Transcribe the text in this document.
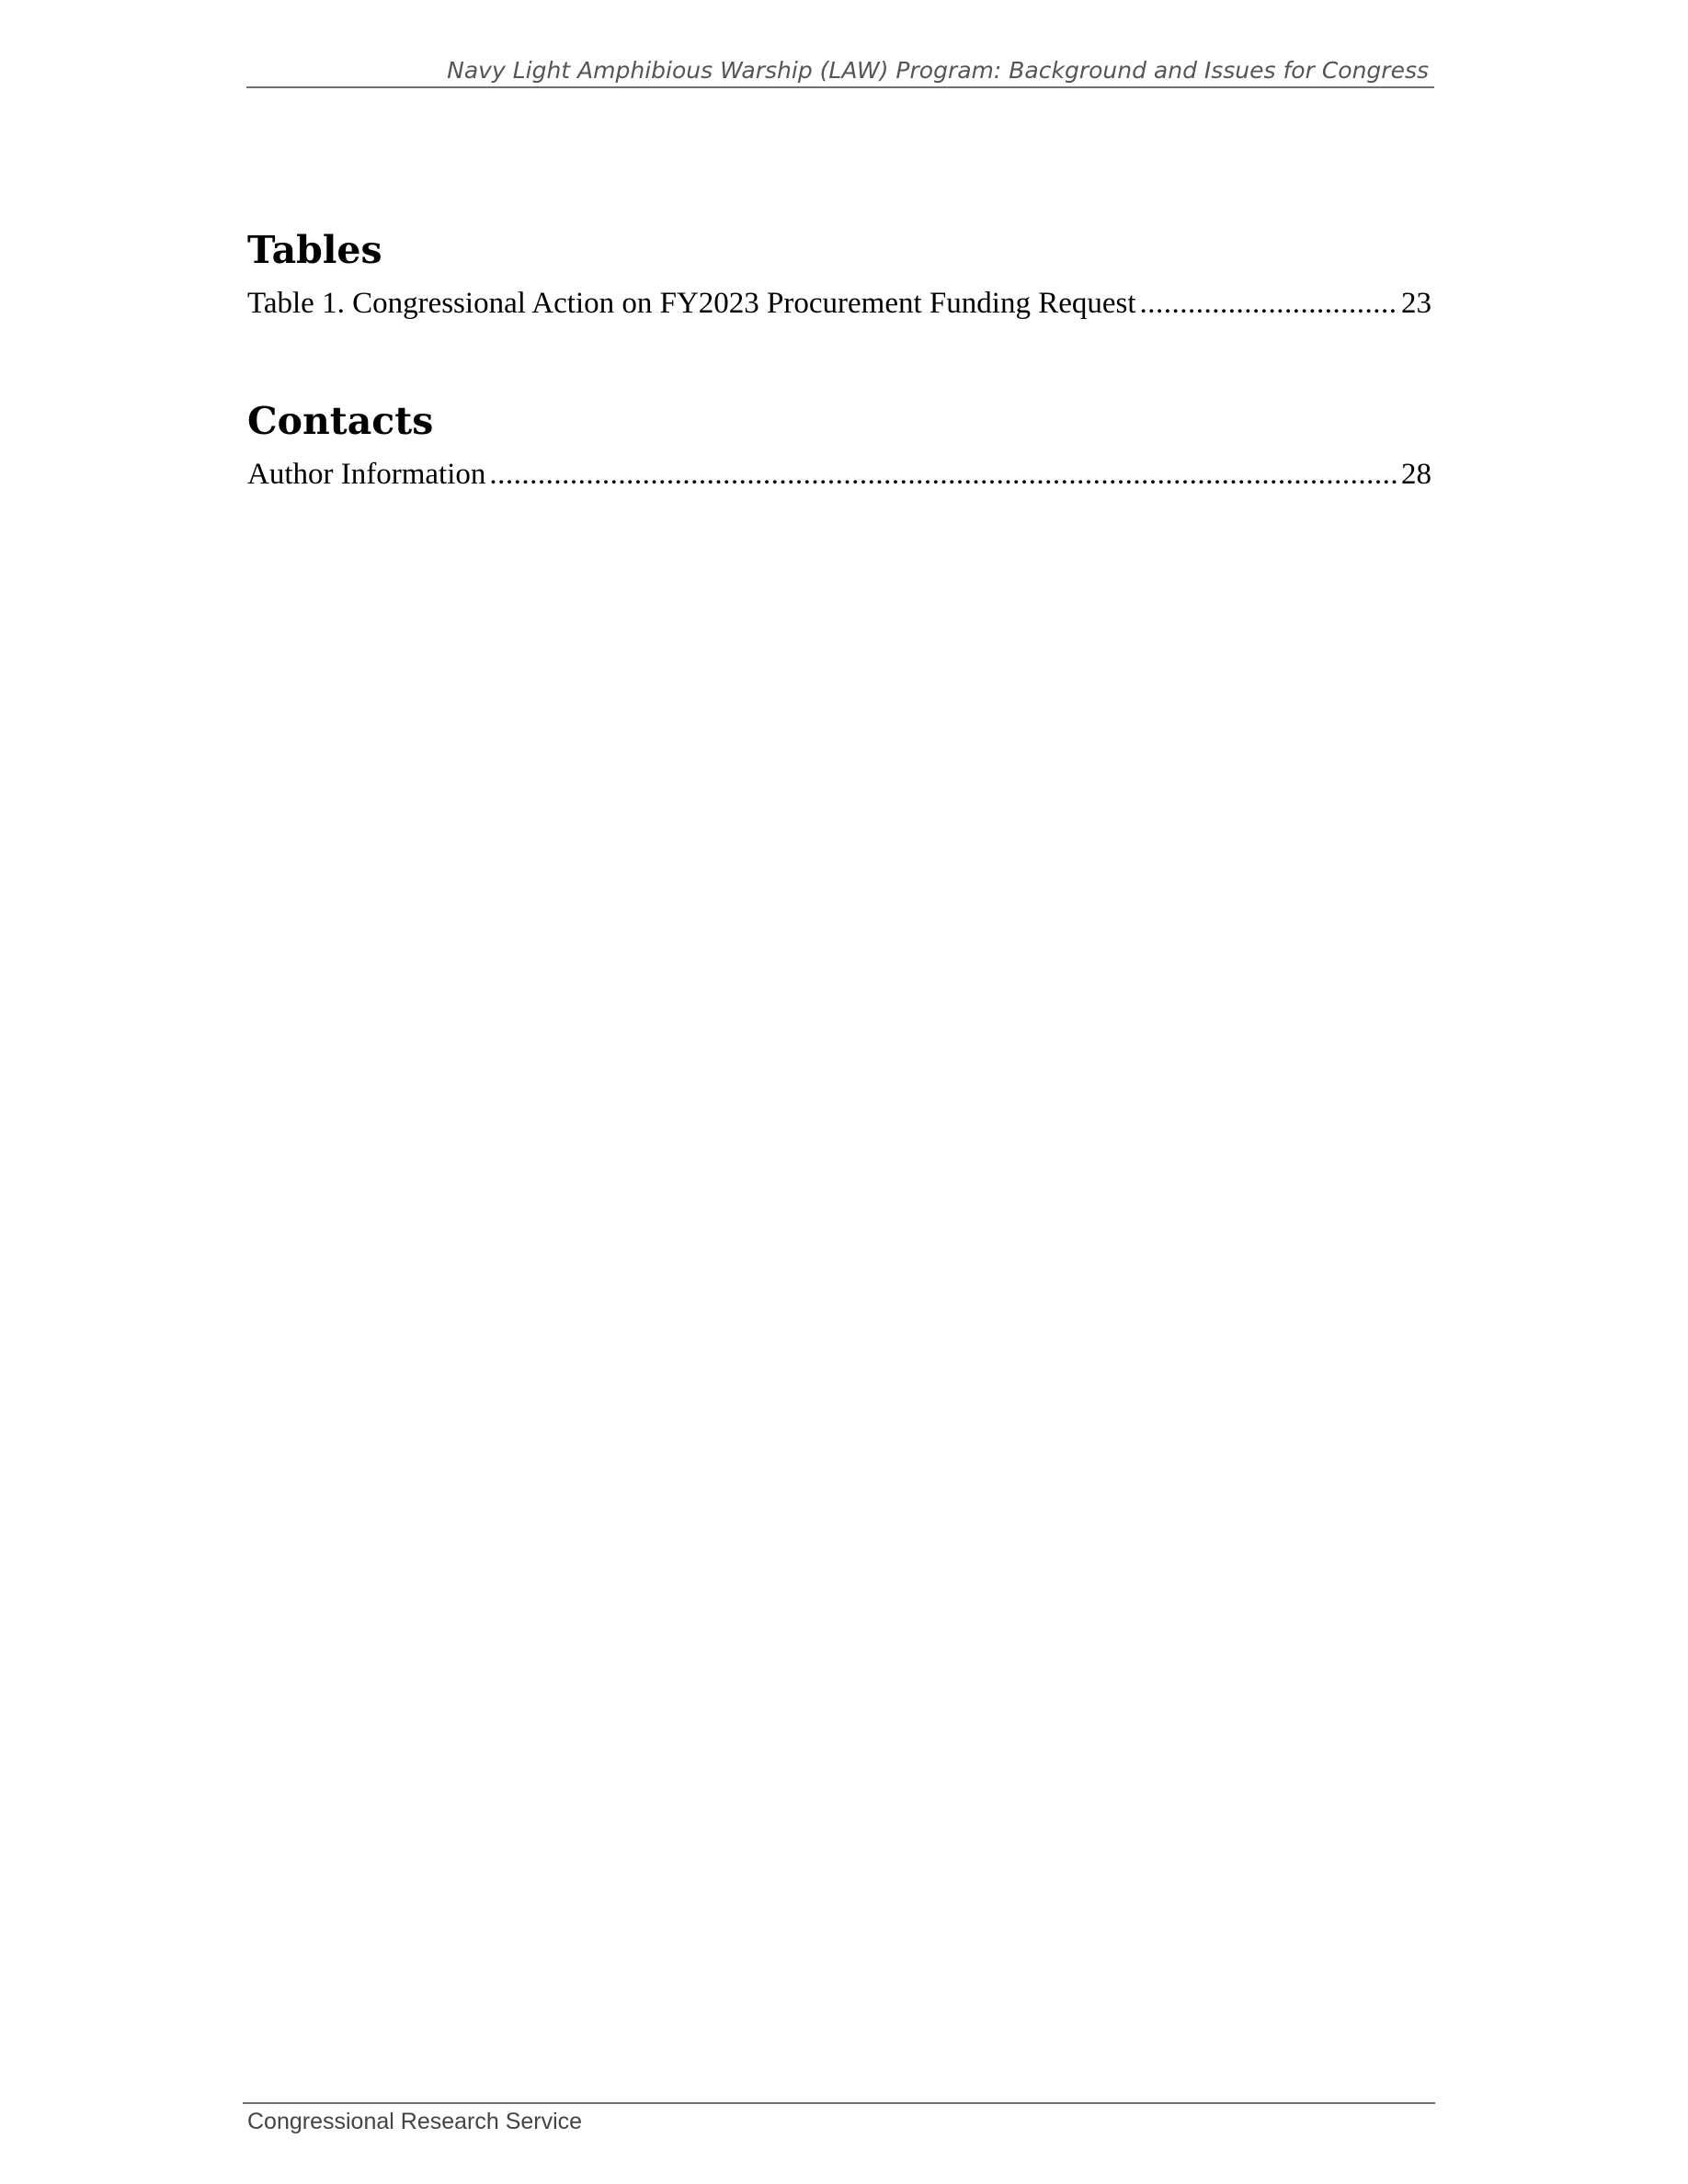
Navy Light Amphibious Warship (LAW) Program: Background and Issues for Congress
Tables
Table 1. Congressional Action on FY2023 Procurement Funding Request .....	23
Contacts
Author Information .....	28
Congressional Research Service
